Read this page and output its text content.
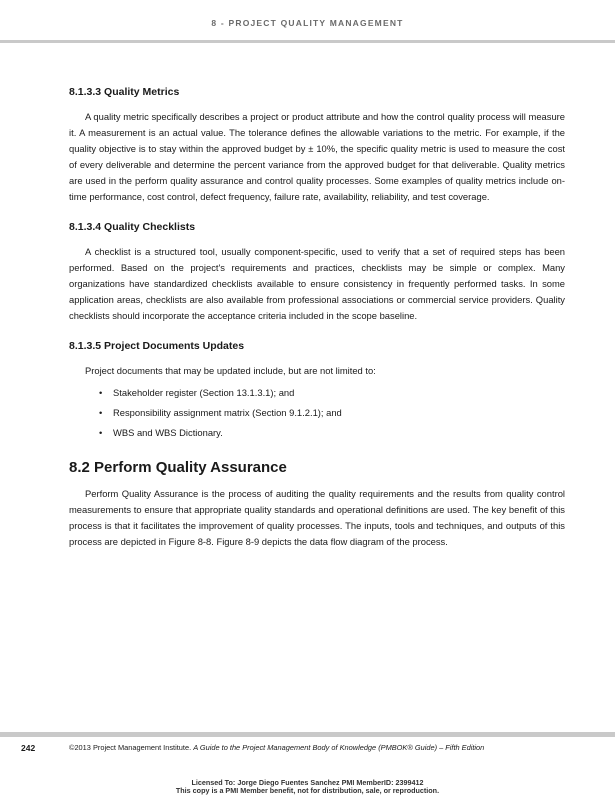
8 - PROJECT QUALITY MANAGEMENT
8.1.3.3 Quality Metrics

A quality metric specifically describes a project or product attribute and how the control quality process will measure it. A measurement is an actual value. The tolerance defines the allowable variations to the metric. For example, if the quality objective is to stay within the approved budget by ± 10%, the specific quality metric is used to measure the cost of every deliverable and determine the percent variance from the approved budget for that deliverable. Quality metrics are used in the perform quality assurance and control quality processes. Some examples of quality metrics include on-time performance, cost control, defect frequency, failure rate, availability, reliability, and test coverage.

8.1.3.4 Quality Checklists

A checklist is a structured tool, usually component-specific, used to verify that a set of required steps has been performed. Based on the project's requirements and practices, checklists may be simple or complex. Many organizations have standardized checklists available to ensure consistency in frequently performed tasks. In some application areas, checklists are also available from professional associations or commercial service providers. Quality checklists should incorporate the acceptance criteria included in the scope baseline.

8.1.3.5 Project Documents Updates

Project documents that may be updated include, but are not limited to:

• Stakeholder register (Section 13.1.3.1); and
• Responsibility assignment matrix (Section 9.1.2.1); and
• WBS and WBS Dictionary.
8.2 Perform Quality Assurance

Perform Quality Assurance is the process of auditing the quality requirements and the results from quality control measurements to ensure that appropriate quality standards and operational definitions are used. The key benefit of this process is that it facilitates the improvement of quality processes. The inputs, tools and techniques, and outputs of this process are depicted in Figure 8-8. Figure 8-9 depicts the data flow diagram of the process.

242	©2013 Project Management Institute. A Guide to the Project Management Body of Knowledge (PMBOK® Guide) – Fifth Edition
Licensed To: Jorge Diego Fuentes Sanchez PMI MemberID: 2399412
This copy is a PMI Member benefit, not for distribution, sale, or reproduction.
